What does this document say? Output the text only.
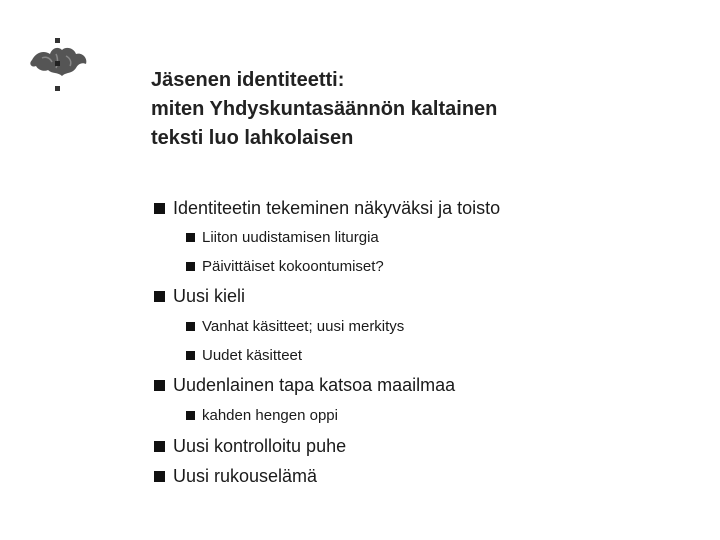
Jäsenen identiteetti:
miten Yhdyskuntasäännön kaltainen
teksti luo lahkolaisen
Identiteetin tekeminen näkyväksi ja toisto
Liiton uudistamisen liturgia
Päivittäiset kokoontumiset?
Uusi kieli
Vanhat käsitteet; uusi merkitys
Uudet käsitteet
Uudenlainen tapa katsoa maailmaa
kahden hengen oppi
Uusi kontrolloitu puhe
Uusi rukouselämä
